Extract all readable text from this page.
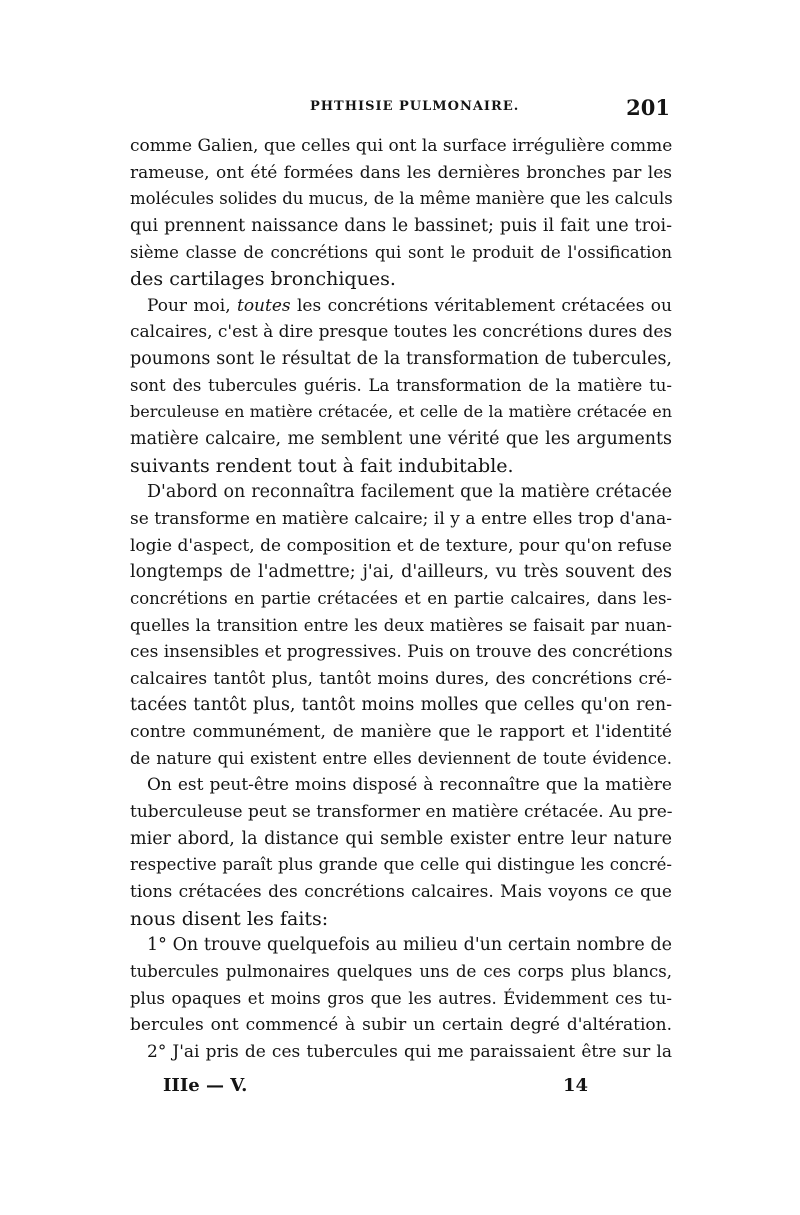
PHTHISIE PULMONAIRE.	201
comme Galien, que celles qui ont la surface irrégulière comme
rameuse, ont été formées dans les dernières bronches par les
molécules solides du mucus, de la même manière que les calculs
qui prennent naissance dans le bassinet; puis il fait une troi-
sième classe de concrétions qui sont le produit de l'ossification
des cartilages bronchiques.
Pour moi, toutes les concrétions véritablement crétacées ou
calcaires, c'est à dire presque toutes les concrétions dures des
poumons sont le résultat de la transformation de tubercules,
sont des tubercules guéris. La transformation de la matière tu-
berculeuse en matière crétacée, et celle de la matière crétacée en
matière calcaire, me semblent une vérité que les arguments
suivants rendent tout à fait indubitable.
D'abord on reconnaîtra facilement que la matière crétacée
se transforme en matière calcaire; il y a entre elles trop d'ana-
logie d'aspect, de composition et de texture, pour qu'on refuse
longtemps de l'admettre; j'ai, d'ailleurs, vu très souvent des
concrétions en partie crétacées et en partie calcaires, dans les-
quelles la transition entre les deux matières se faisait par nuan-
ces insensibles et progressives. Puis on trouve des concrétions
calcaires tantôt plus, tantôt moins dures, des concrétions cré-
tacées tantôt plus, tantôt moins molles que celles qu'on ren-
contre communément, de manière que le rapport et l'identité
de nature qui existent entre elles deviennent de toute évidence.
On est peut-être moins disposé à reconnaître que la matière
tuberculeuse peut se transformer en matière crétacée. Au pre-
mier abord, la distance qui semble exister entre leur nature
respective paraît plus grande que celle qui distingue les concré-
tions crétacées des concrétions calcaires. Mais voyons ce que
nous disent les faits:
1° On trouve quelquefois au milieu d'un certain nombre de
tubercules pulmonaires quelques uns de ces corps plus blancs,
plus opaques et moins gros que les autres. Évidemment ces tu-
bercules ont commencé à subir un certain degré d'altération.
2° J'ai pris de ces tubercules qui me paraissaient être sur la
IIIe — V.	14
